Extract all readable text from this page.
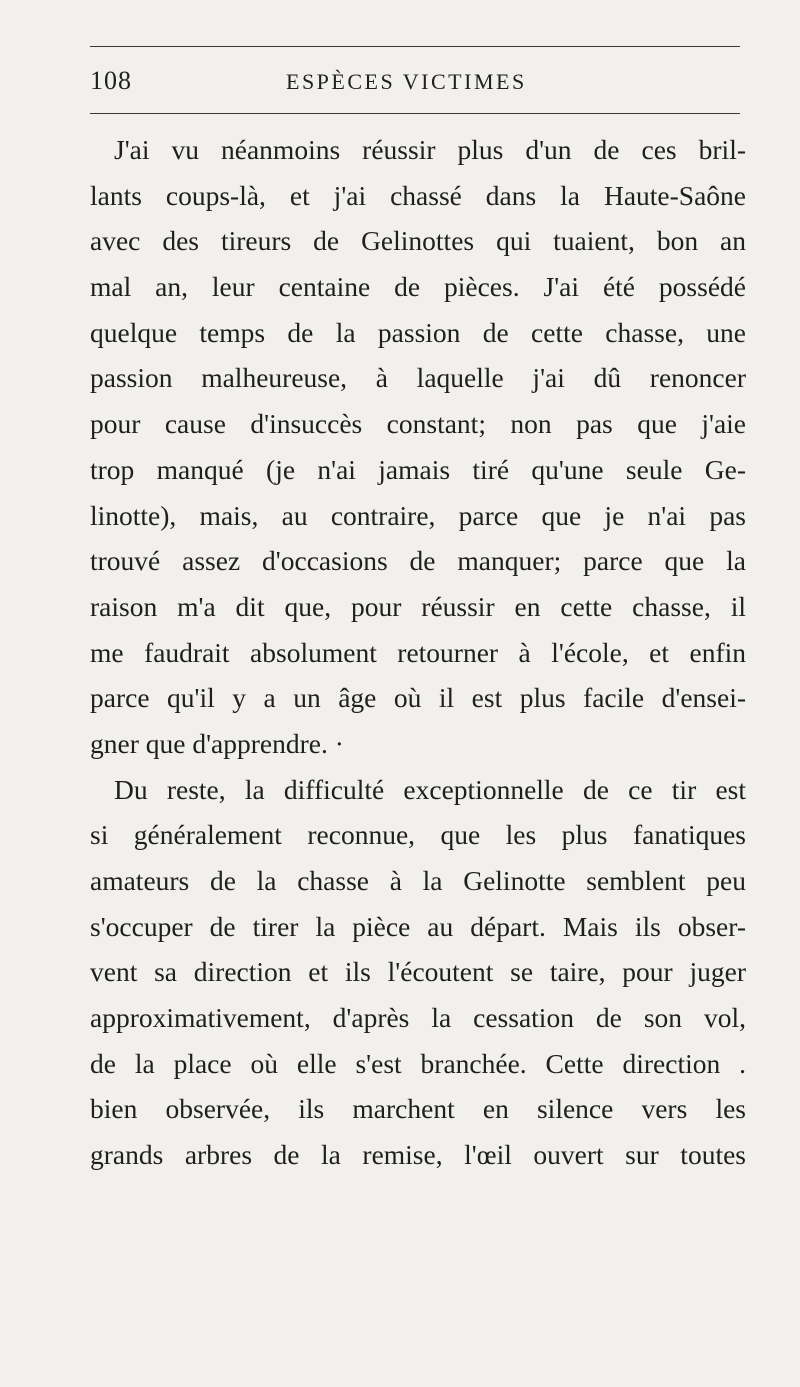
108	ESPÈCES VICTIMES
J'ai vu néanmoins réussir plus d'un de ces bril-
lants coups-là, et j'ai chassé dans la Haute-Saône
avec des tireurs de Gelinottes qui tuaient, bon an
mal an, leur centaine de pièces. J'ai été possédé
quelque temps de la passion de cette chasse, une
passion malheureuse, à laquelle j'ai dû renoncer
pour cause d'insuccès constant; non pas que j'aie
trop manqué (je n'ai jamais tiré qu'une seule Ge-
linotte), mais, au contraire, parce que je n'ai pas
trouvé assez d'occasions de manquer; parce que la
raison m'a dit que, pour réussir en cette chasse, il
me faudrait absolument retourner à l'école, et enfin
parce qu'il y a un âge où il est plus facile d'ensei-
gner que d'apprendre. ·
Du reste, la difficulté exceptionnelle de ce tir est
si généralement reconnue, que les plus fanatiques
amateurs de la chasse à la Gelinotte semblent peu
s'occuper de tirer la pièce au départ. Mais ils obser-
vent sa direction et ils l'écoutent se taire, pour juger
approximativement, d'après la cessation de son vol,
de la place où elle s'est branchée. Cette direction .
bien observée, ils marchent en silence vers les
grands arbres de la remise, l'œil ouvert sur toutes
